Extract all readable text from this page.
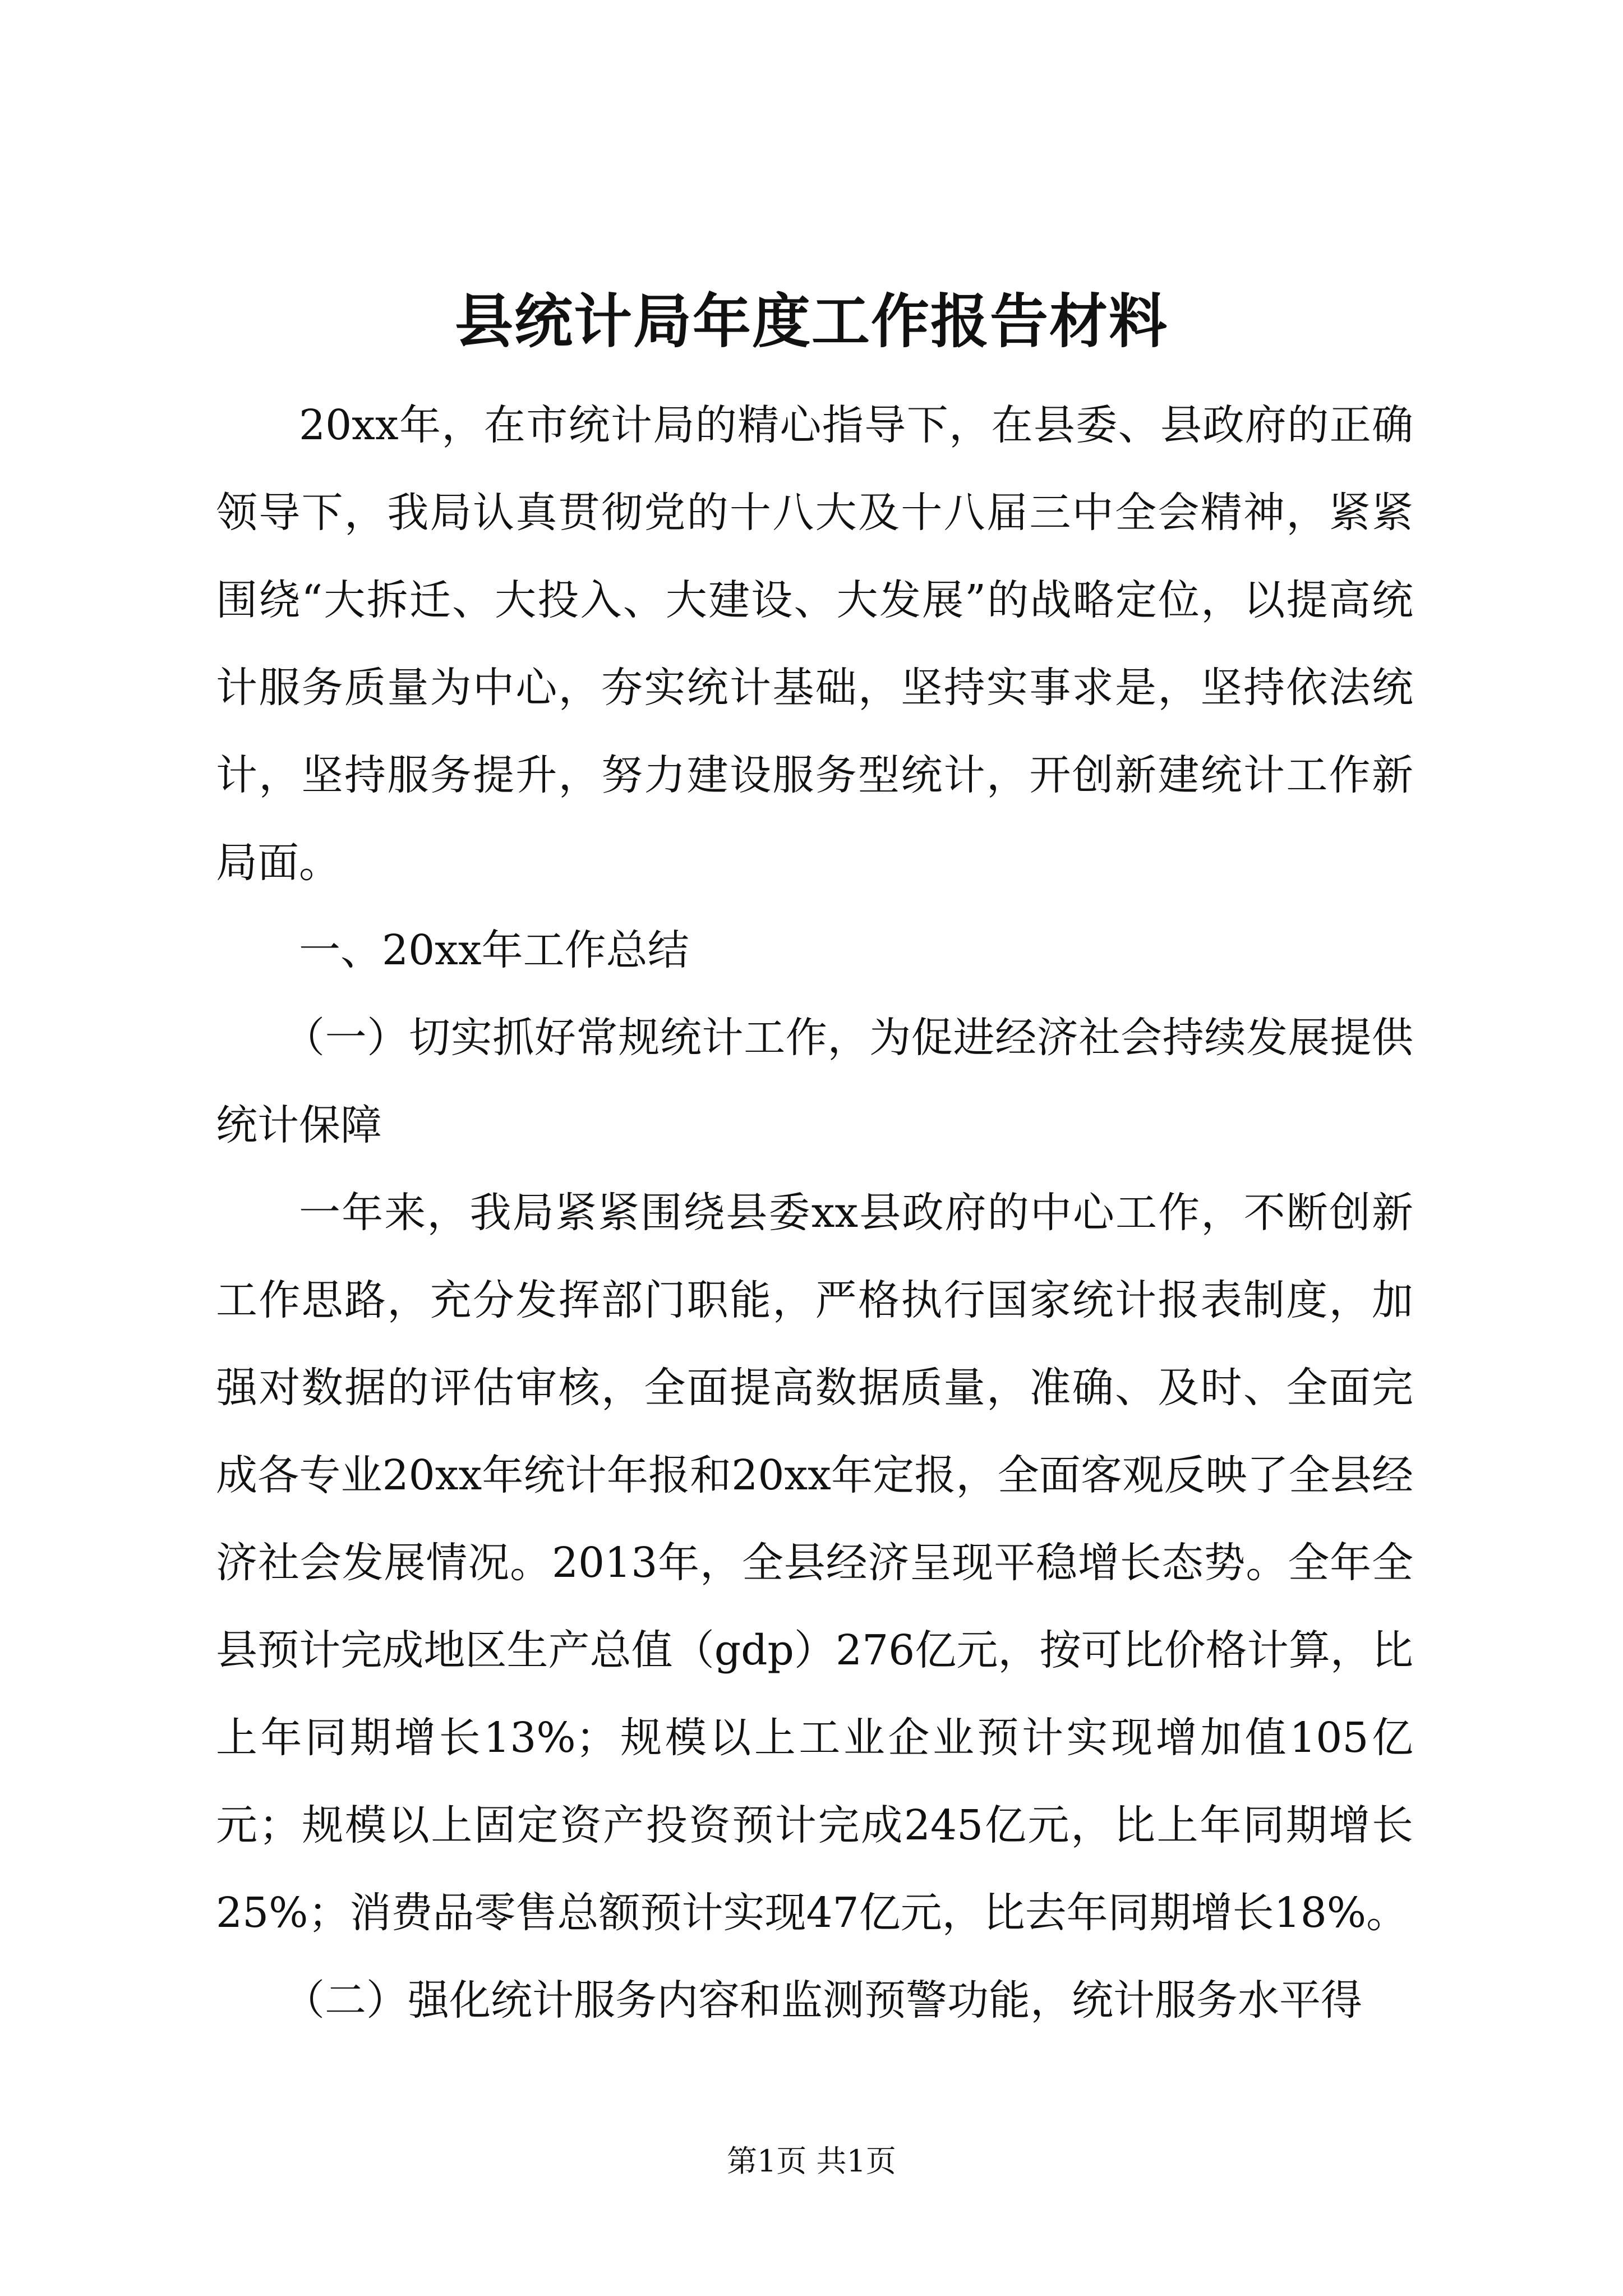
县统计局年度工作报告材料

20xx年，在市统计局的精心指导下，在县委、县政府的正确领导下，我局认真贯彻党的十八大及十八届三中全会精神，紧紧围绕“大拆迁、大投入、大建设、大发展”的战略定位，以提高统计服务质量为中心，夯实统计基础，坚持实事求是，坚持依法统计，坚持服务提升，努力建设服务型统计，开创新建统计工作新局面。

一、20xx年工作总结

（一）切实抓好常规统计工作，为促进经济社会持续发展提供统计保障

一年来，我局紧紧围绕县委xx县政府的中心工作，不断创新工作思路，充分发挥部门职能，严格执行国家统计报表制度，加强对数据的评估审核，全面提高数据质量，准确、及时、全面完成各专业20xx年统计年报和20xx年定报，全面客观反映了全县经济社会发展情况。2013年，全县经济呈现平稳增长态势。全年全县预计完成地区生产总值（gdp）276亿元，按可比价格计算，比上年同期增长13%；规模以上工业企业预计实现增加值105亿元；规模以上固定资产投资预计完成245亿元，比上年同期增长25%；消费品零售总额预计实现47亿元，比去年同期增长18%。

（二）强化统计服务内容和监测预警功能，统计服务水平得

第1页 共1页
